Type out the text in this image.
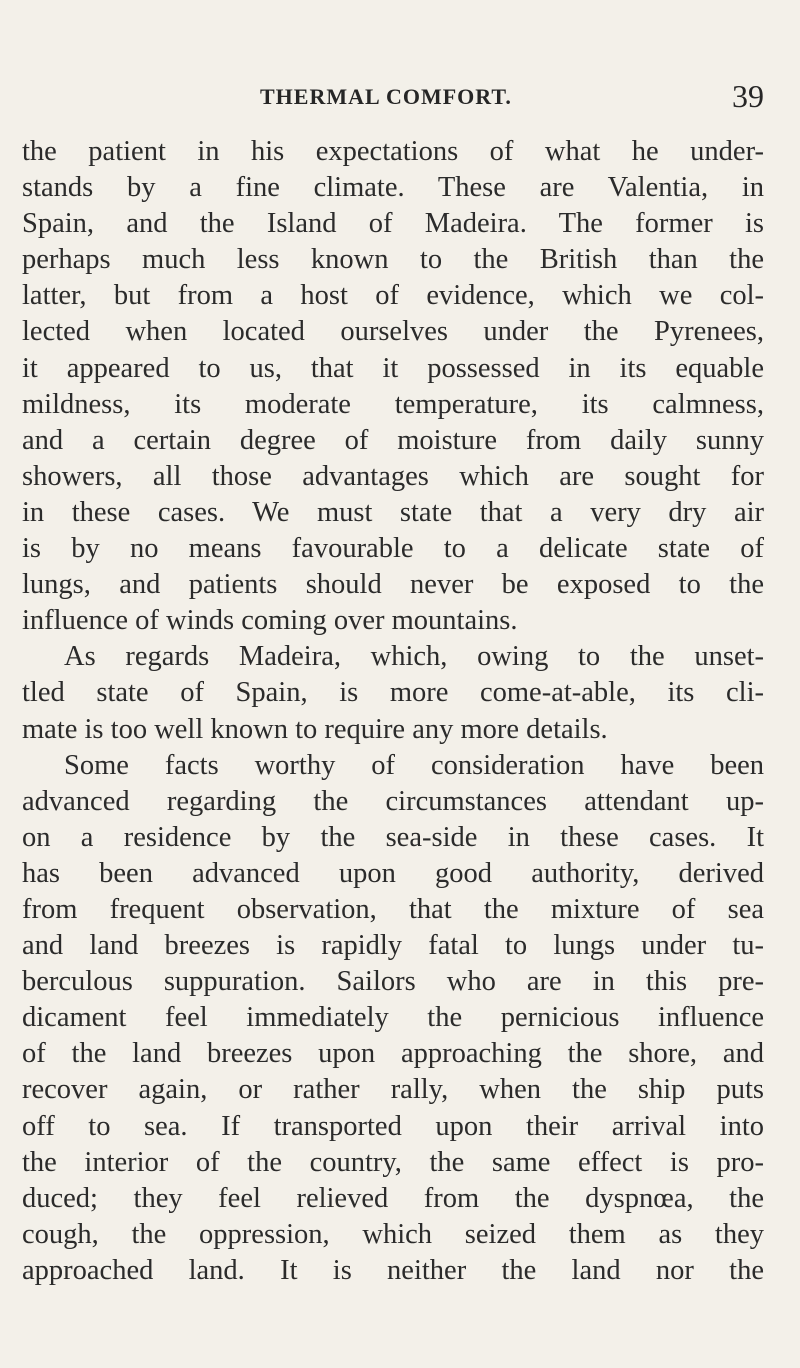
THERMAL COMFORT.	39
the patient in his expectations of what he under-
stands by a fine climate. These are Valentia, in
Spain, and the Island of Madeira. The former is
perhaps much less known to the British than the
latter, but from a host of evidence, which we col-
lected when located ourselves under the Pyrenees,
it appeared to us, that it possessed in its equable
mildness, its moderate temperature, its calmness,
and a certain degree of moisture from daily sunny
showers, all those advantages which are sought for
in these cases. We must state that a very dry air
is by no means favourable to a delicate state of
lungs, and patients should never be exposed to the
influence of winds coming over mountains.
As regards Madeira, which, owing to the unset-
tled state of Spain, is more come-at-able, its cli-
mate is too well known to require any more details.
Some facts worthy of consideration have been
advanced regarding the circumstances attendant up-
on a residence by the sea-side in these cases. It
has been advanced upon good authority, derived
from frequent observation, that the mixture of sea
and land breezes is rapidly fatal to lungs under tu-
berculous suppuration. Sailors who are in this pre-
dicament feel immediately the pernicious influence
of the land breezes upon approaching the shore, and
recover again, or rather rally, when the ship puts
off to sea. If transported upon their arrival into
the interior of the country, the same effect is pro-
duced; they feel relieved from the dyspnœa, the
cough, the oppression, which seized them as they
approached land. It is neither the land nor the
